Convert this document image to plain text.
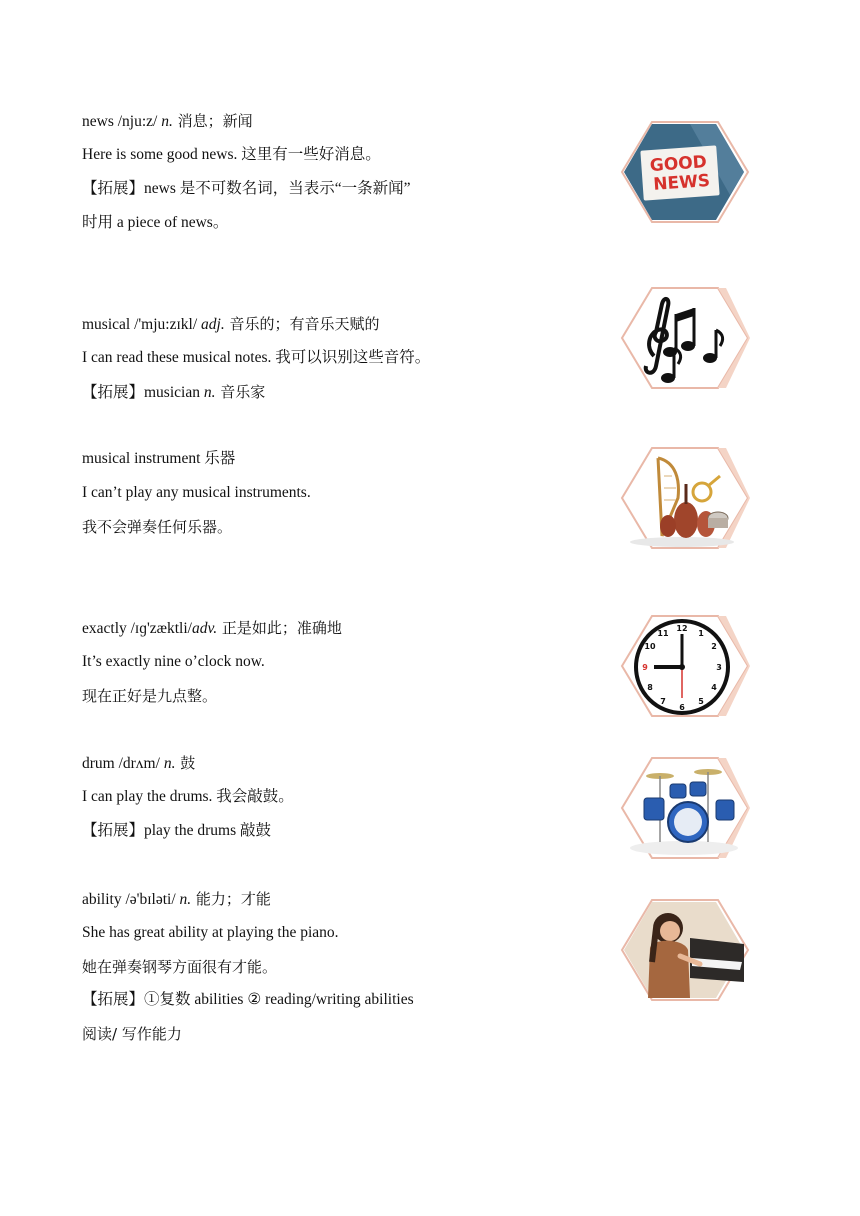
news /nju:z/ n. 消息；新闻
Here is some good news. 这里有一些好消息。
【拓展】news 是不可数名词，当表示“一条新闻”
时用 a piece of news。
musical /'mju:zɪkl/ adj. 音乐的；有音乐天赋的
I can read these musical notes. 我可以识别这些音符。
【拓展】musician n. 音乐家
musical instrument 乐器
I can’t play any musical instruments.
我不会弹奏任何乐器。
exactly /ɪɡ'zæktli/adv. 正是如此；准确地
It’s exactly nine o’clock now.
现在正好是九点整。
drum /drʌm/ n. 鼓
I can play the drums. 我会敲鼓。
【拓展】play the drums 敲鼓
ability /ə'bɪləti/ n. 能力；才能
She has great ability at playing the piano.
她在弹奏钢琴方面很有才能。
【拓展】①复数 abilities ② reading/writing abilities
阅读/ 写作能力
GOOD
NEWS
12
1
2
3
4
5
6
7
8
9
10
11
